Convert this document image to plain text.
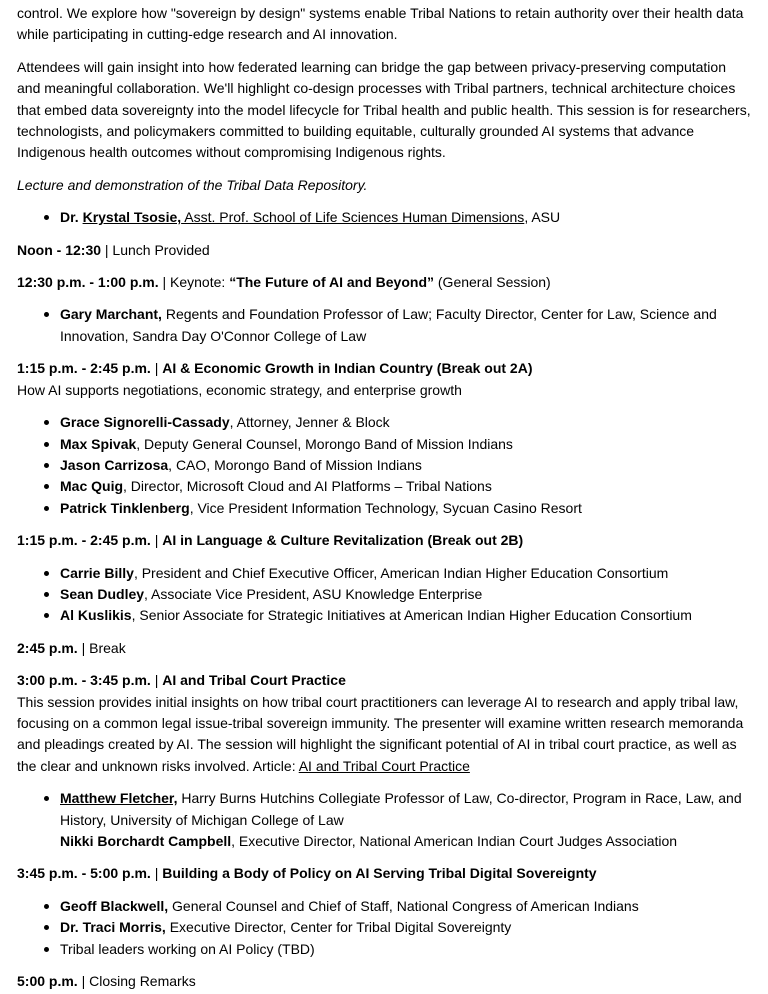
control. We explore how "sovereign by design" systems enable Tribal Nations to retain authority over their health data while participating in cutting-edge research and AI innovation.

Attendees will gain insight into how federated learning can bridge the gap between privacy-preserving computation and meaningful collaboration. We'll highlight co-design processes with Tribal partners, technical architecture choices that embed data sovereignty into the model lifecycle for Tribal health and public health. This session is for researchers, technologists, and policymakers committed to building equitable, culturally grounded AI systems that advance Indigenous health outcomes without compromising Indigenous rights.

Lecture and demonstration of the Tribal Data Repository.

Dr. Krystal Tsosie, Asst. Prof. School of Life Sciences Human Dimensions, ASU

Noon - 12:30 | Lunch Provided

12:30 p.m. - 1:00 p.m. | Keynote: “The Future of AI and Beyond” (General Session)

Gary Marchant, Regents and Foundation Professor of Law; Faculty Director, Center for Law, Science and Innovation, Sandra Day O'Connor College of Law

1:15 p.m. - 2:45 p.m. | AI & Economic Growth in Indian Country (Break out 2A)

How AI supports negotiations, economic strategy, and enterprise growth

Grace Signorelli-Cassady, Attorney, Jenner & Block
Max Spivak, Deputy General Counsel, Morongo Band of Mission Indians
Jason Carrizosa, CAO, Morongo Band of Mission Indians
Mac Quig, Director, Microsoft Cloud and AI Platforms – Tribal Nations
Patrick Tinklenberg, Vice President Information Technology, Sycuan Casino Resort

1:15 p.m. - 2:45 p.m. | AI in Language & Culture Revitalization (Break out 2B)

Carrie Billy, President and Chief Executive Officer, American Indian Higher Education Consortium
Sean Dudley, Associate Vice President, ASU Knowledge Enterprise
Al Kuslikis, Senior Associate for Strategic Initiatives at American Indian Higher Education Consortium

2:45 p.m. | Break

3:00 p.m. - 3:45 p.m. | AI and Tribal Court Practice

This session provides initial insights on how tribal court practitioners can leverage AI to research and apply tribal law, focusing on a common legal issue-tribal sovereign immunity. The presenter will examine written research memoranda and pleadings created by AI. The session will highlight the significant potential of AI in tribal court practice, as well as the clear and unknown risks involved. Article: AI and Tribal Court Practice

Matthew Fletcher, Harry Burns Hutchins Collegiate Professor of Law, Co-director, Program in Race, Law, and History, University of Michigan College of Law
Nikki Borchardt Campbell, Executive Director, National American Indian Court Judges Association

3:45 p.m. - 5:00 p.m. | Building a Body of Policy on AI Serving Tribal Digital Sovereignty

Geoff Blackwell, General Counsel and Chief of Staff, National Congress of American Indians
Dr. Traci Morris, Executive Director, Center for Tribal Digital Sovereignty
Tribal leaders working on AI Policy (TBD)

5:00 p.m. | Closing Remarks
